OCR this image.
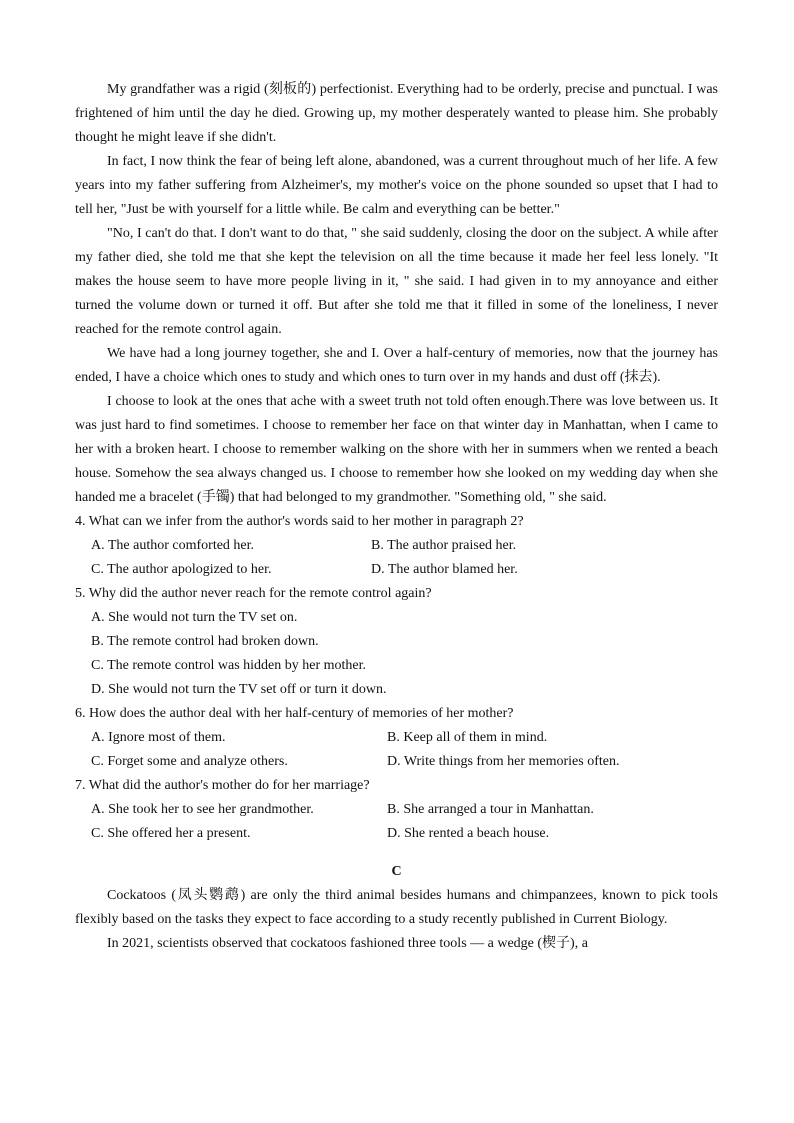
My grandfather was a rigid (刻板的) perfectionist. Everything had to be orderly, precise and punctual. I was frightened of him until the day he died. Growing up, my mother desperately wanted to please him. She probably thought he might leave if she didn't.

In fact, I now think the fear of being left alone, abandoned, was a current throughout much of her life. A few years into my father suffering from Alzheimer's, my mother's voice on the phone sounded so upset that I had to tell her, "Just be with yourself for a little while. Be calm and everything can be better."

"No, I can't do that. I don't want to do that, " she said suddenly, closing the door on the subject. A while after my father died, she told me that she kept the television on all the time because it made her feel less lonely. "It makes the house seem to have more people living in it, " she said. I had given in to my annoyance and either turned the volume down or turned it off. But after she told me that it filled in some of the loneliness, I never reached for the remote control again.

We have had a long journey together, she and I. Over a half-century of memories, now that the journey has ended, I have a choice which ones to study and which ones to turn over in my hands and dust off (抹去).

I choose to look at the ones that ache with a sweet truth not told often enough.There was love between us. It was just hard to find sometimes. I choose to remember her face on that winter day in Manhattan, when I came to her with a broken heart. I choose to remember walking on the shore with her in summers when we rented a beach house. Somehow the sea always changed us. I choose to remember how she looked on my wedding day when she handed me a bracelet (手镯) that had belonged to my grandmother. "Something old, " she said.

4. What can we infer from the author's words said to her mother in paragraph 2?

A. The author comforted her.	B. The author praised her.
C. The author apologized to her.	D. The author blamed her.

5. Why did the author never reach for the remote control again?

A. She would not turn the TV set on.
B. The remote control had broken down.
C. The remote control was hidden by her mother.
D. She would not turn the TV set off or turn it down.

6. How does the author deal with her half-century of memories of her mother?

A. Ignore most of them.	B. Keep all of them in mind.
C. Forget some and analyze others.	D. Write things from her memories often.

7. What did the author's mother do for her marriage?

A. She took her to see her grandmother.	B. She arranged a tour in Manhattan.
C. She offered her a present.	D. She rented a beach house.

C

Cockatoos (凤头鹦鹉) are only the third animal besides humans and chimpanzees, known to pick tools flexibly based on the tasks they expect to face according to a study recently published in Current Biology.

In 2021, scientists observed that cockatoos fashioned three tools — a wedge (楔子), a
